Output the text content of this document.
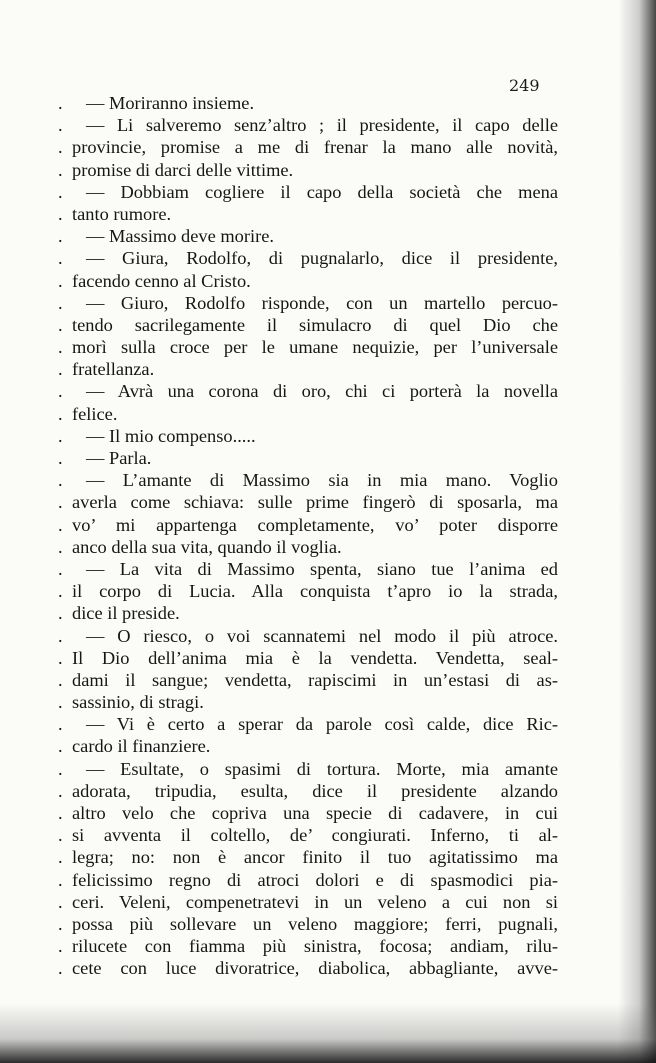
249
.	— Moriranno insieme.
.	— Li salveremo senz’altro ; il presidente, il capo delle
. provincie, promise a me di frenar la mano alle novità,
. promise di darci delle vittime.
.	— Dobbiam cogliere il capo della società che mena
. tanto rumore.
.	— Massimo deve morire.
.	— Giura, Rodolfo, di pugnalarlo, dice il presidente,
. facendo cenno al Cristo.
.	— Giuro, Rodolfo risponde, con un martello percuo-
. tendo sacrilegamente il simulacro di quel Dio che
. morì sulla croce per le umane nequizie, per l’universale
. fratellanza.
.	— Avrà una corona di oro, chi ci porterà la novella
. felice.
.	— Il mio compenso.....
.	— Parla.
.	— L’amante di Massimo sia in mia mano. Voglio
. averla come schiava: sulle prime fingerò di sposarla, ma
. vo’ mi appartenga completamente, vo’ poter disporre
. anco della sua vita, quando il voglia.
.	— La vita di Massimo spenta, siano tue l’anima ed
. il corpo di Lucia. Alla conquista t’apro io la strada,
. dice il preside.
.	— O riesco, o voi scannatemi nel modo il più atroce.
. Il Dio dell’anima mia è la vendetta. Vendetta, seal-
. dami il sangue; vendetta, rapiscimi in un’estasi di as-
. sassinio, di stragi.
.	— Vi è certo a sperar da parole così calde, dice Ric-
. cardo il finanziere.
.	— Esultate, o spasimi di tortura. Morte, mia amante
. adorata, tripudia, esulta, dice il presidente alzando
. altro velo che copriva una specie di cadavere, in cui
. si avventa il coltello, de’ congiurati. Inferno, ti al-
. legra; no: non è ancor finito il tuo agitatissimo ma
. felicissimo regno di atroci dolori e di spasmodici pia-
. ceri. Veleni, compenetratevi in un veleno a cui non si
. possa più sollevare un veleno maggiore; ferri, pugnali,
. rilucete con fiamma più sinistra, focosa; andiam, rilu-
. cete con luce divoratrice, diabolica, abbagliante, avve-
